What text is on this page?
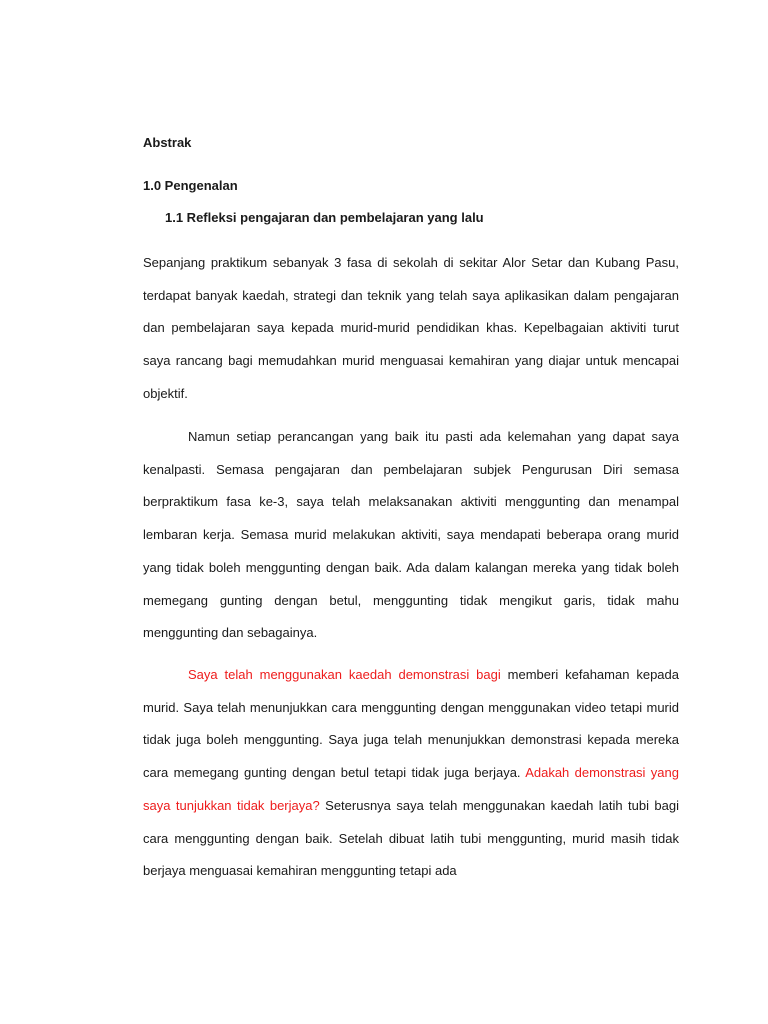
Abstrak
1.0 Pengenalan
1.1 Refleksi pengajaran dan pembelajaran yang lalu

Sepanjang praktikum sebanyak 3 fasa di sekolah di sekitar Alor Setar dan Kubang Pasu, terdapat banyak kaedah, strategi dan teknik yang telah saya aplikasikan dalam pengajaran dan pembelajaran saya kepada murid-murid pendidikan khas. Kepelbagaian aktiviti turut saya rancang bagi memudahkan murid menguasai kemahiran yang diajar untuk mencapai objektif.

Namun setiap perancangan yang baik itu pasti ada kelemahan yang dapat saya kenalpasti. Semasa pengajaran dan pembelajaran subjek Pengurusan Diri semasa berpraktikum fasa ke-3, saya telah melaksanakan aktiviti menggunting dan menampal lembaran kerja. Semasa murid melakukan aktiviti, saya mendapati beberapa orang murid yang tidak boleh menggunting dengan baik. Ada dalam kalangan mereka yang tidak boleh memegang gunting dengan betul, menggunting tidak mengikut garis, tidak mahu menggunting dan sebagainya.

Saya telah menggunakan kaedah demonstrasi bagi memberi kefahaman kepada murid. Saya telah menunjukkan cara menggunting dengan menggunakan video tetapi murid tidak juga boleh menggunting. Saya juga telah menunjukkan demonstrasi kepada mereka cara memegang gunting dengan betul tetapi tidak juga berjaya. Adakah demonstrasi yang saya tunjukkan tidak berjaya? Seterusnya saya telah menggunakan kaedah latih tubi bagi cara menggunting dengan baik. Setelah dibuat latih tubi menggunting, murid masih tidak berjaya menguasai kemahiran menggunting tetapi ada
